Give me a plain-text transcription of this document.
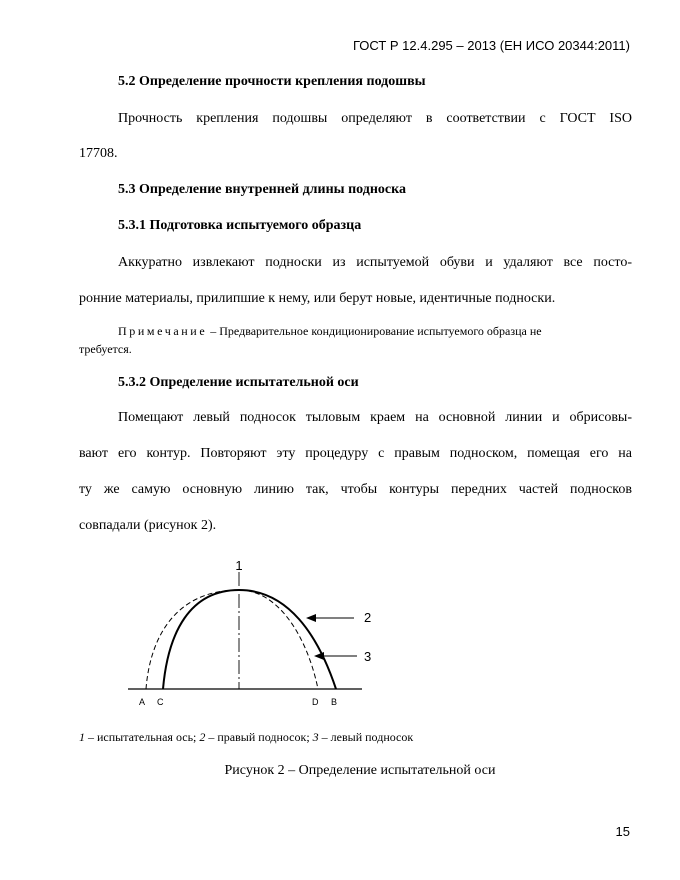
ГОСТ Р 12.4.295 – 2013 (ЕН ИСО 20344:2011)
5.2 Определение прочности крепления подошвы
Прочность крепления подошвы определяют в соответствии с ГОСТ ISO
17708.
5.3 Определение внутренней длины подноска
5.3.1 Подготовка испытуемого образца
Аккуратно извлекают подноски из испытуемой обуви и удаляют все посто-
ронние материалы, прилипшие к нему, или берут новые, идентичные подноски.
Примечание – Предварительное кондиционирование испытуемого образца не
требуется.
5.3.2 Определение испытательной оси
Помещают левый подносок тыловым краем на основной линии и обрисовы-
вают его контур. Повторяют эту процедуру с правым подноском, помещая его на
ту же самую основную линию так, чтобы контуры передних частей подносков
совпадали (рисунок 2).
1
2
3
A C	D B
1 – испытательная ось; 2 – правый подносок; 3 – левый подносок
Рисунок 2 – Определение испытательной оси
15
